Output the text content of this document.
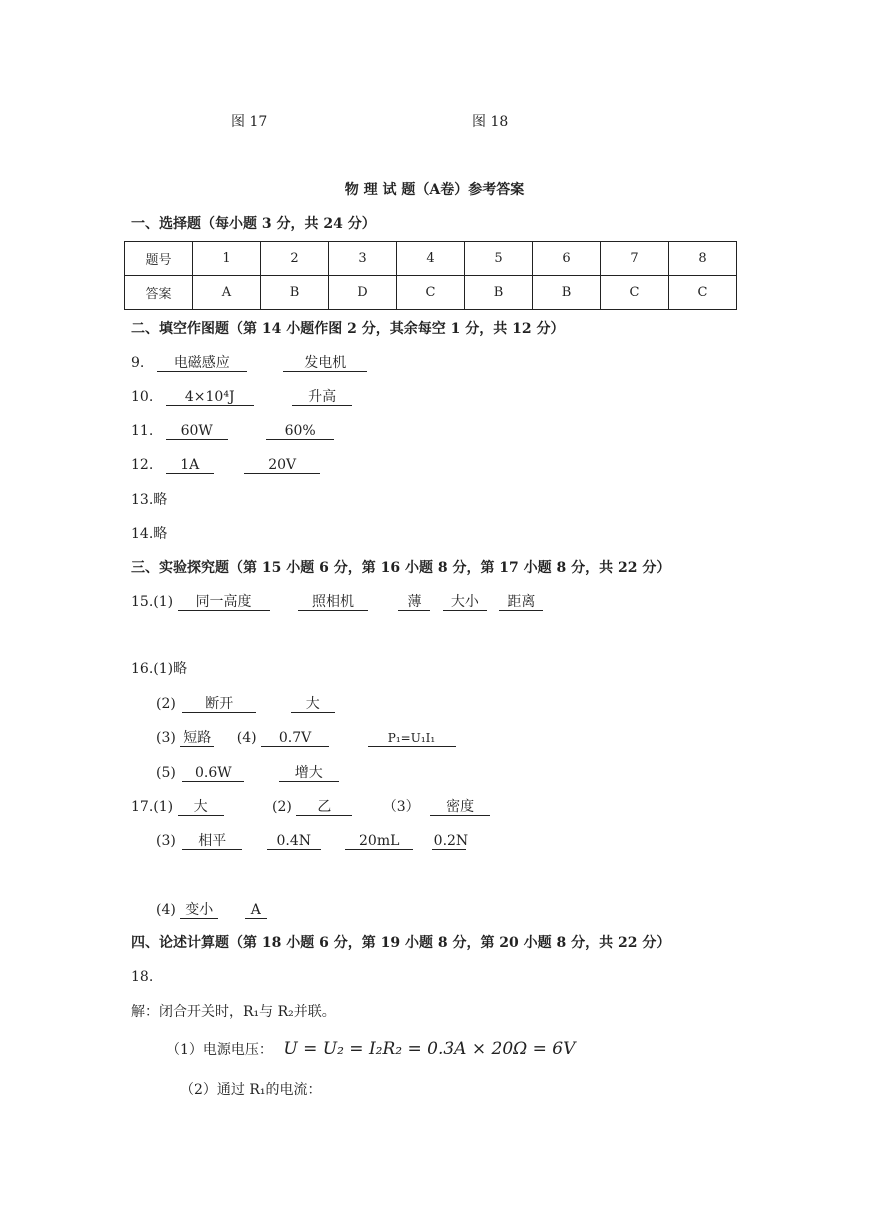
图 17	图 18
物 理 试 题（A卷）参考答案
一、选择题（每小题 3 分，共 24 分）
题号	1	2	3	4	5	6	7	8
答案	A	B	D	C	B	B	C	C
二、填空作图题（第 14 小题作图 2 分，其余每空 1 分，共 12 分）
9. 电磁感应	发电机
10. 4×10⁴J	升高
11. 60W	60%
12. 1A	20V
13.略
14.略
三、实验探究题（第 15 小题 6 分，第 16 小题 8 分，第 17 小题 8 分，共 22 分）
15.(1) 同一高度	照相机	薄 大小 距离
16.(1)略
(2) 断开	大
(3) 短路 (4) 0.7V	P₁=U₁I₁
(5) 0.6W	增大
17.(1) 大	(2) 乙	（3） 密度
(3) 相平	0.4N	20mL 0.2N
(4) 变小	A
四、论述计算题（第 18 小题 6 分，第 19 小题 8 分，第 20 小题 8 分，共 22 分）
18.
解：闭合开关时，R₁与 R₂并联。
（1）电源电压： U = U₂ = I₂R₂ = 0.3A × 20Ω = 6V
（2）通过 R₁的电流：
